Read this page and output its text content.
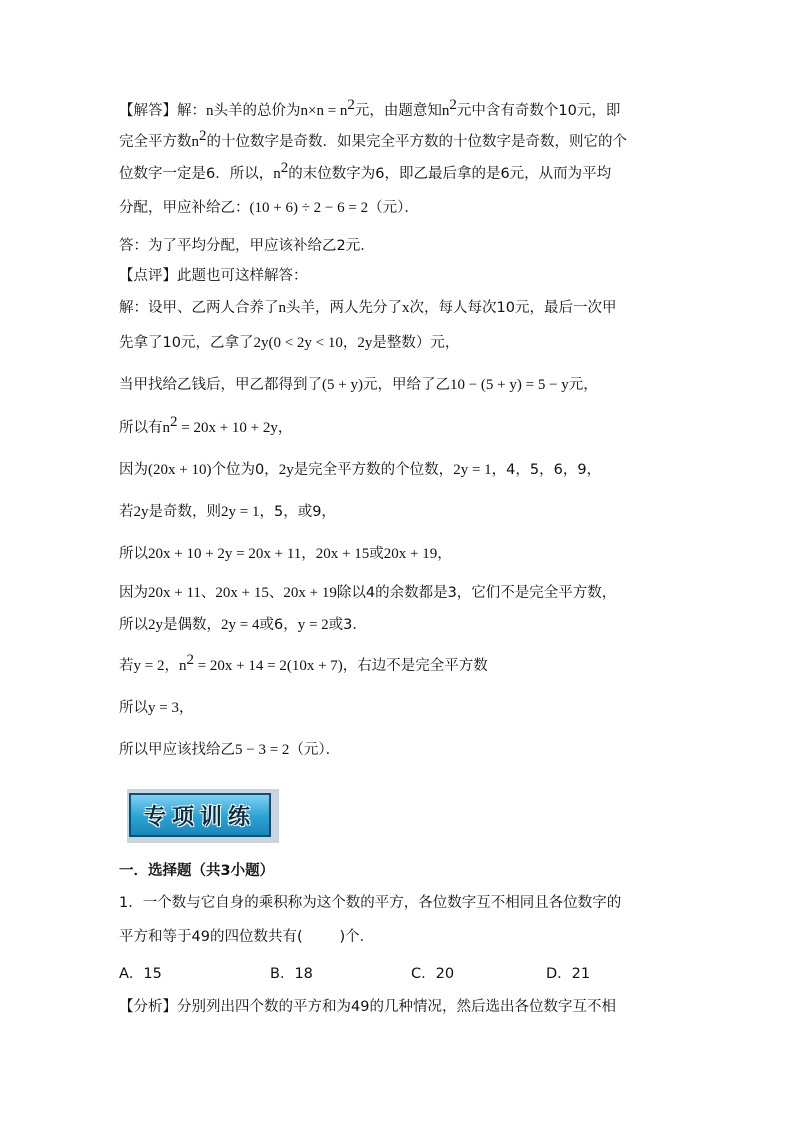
【解答】解：n头羊的总价为$n\times n = n^2$元，由题意知$n^2$元中含有奇数个10元，即
完全平方数$n^2$的十位数字是奇数．如果完全平方数的十位数字是奇数，则它的个
位数字一定是6．所以，$n^2$的末位数字为6，即乙最后拿的是6元，从而为平均
分配，甲应补给乙：(10 + 6) ÷ 2 − 6 = 2（元）．
答：为了平均分配，甲应该补给乙2元．
【点评】此题也可这样解答：
解：设甲、乙两人合养了n头羊，两人先分了x次，每人每次10元，最后一次甲
先拿了10元，乙拿了2y(0 < 2y < 10，2y是整数）元，
当甲找给乙钱后，甲乙都得到了(5 + y)元，甲给了乙10 − (5 + y) = 5 − y元，
所以有$n^2 = 20x + 10 + 2y$，
因为(20x + 10)个位为0，2y是完全平方数的个位数，2y = 1，4，5，6，9，
若2y是奇数，则2y = 1，5，或9，
所以20x + 10 + 2y = 20x + 11，20x + 15或20x + 19，
因为20x + 11、20x + 15、20x + 19除以4的余数都是3，它们不是完全平方数，
所以2y是偶数，2y = 4或6，y = 2或3．
若y = 2，$n^2 = 20x + 14 = 2(10x + 7)$，右边不是完全平方数
所以y = 3，
所以甲应该找给乙5 − 3 = 2（元）．
专项训练
一．选择题（共3小题）
1．一个数与它自身的乘积称为这个数的平方，各位数字互不相同且各位数字的
平方和等于49的四位数共有(	)个．
A．15	B．18	C．20	D．21
【分析】分别列出四个数的平方和为49的几种情况，然后选出各位数字互不相
